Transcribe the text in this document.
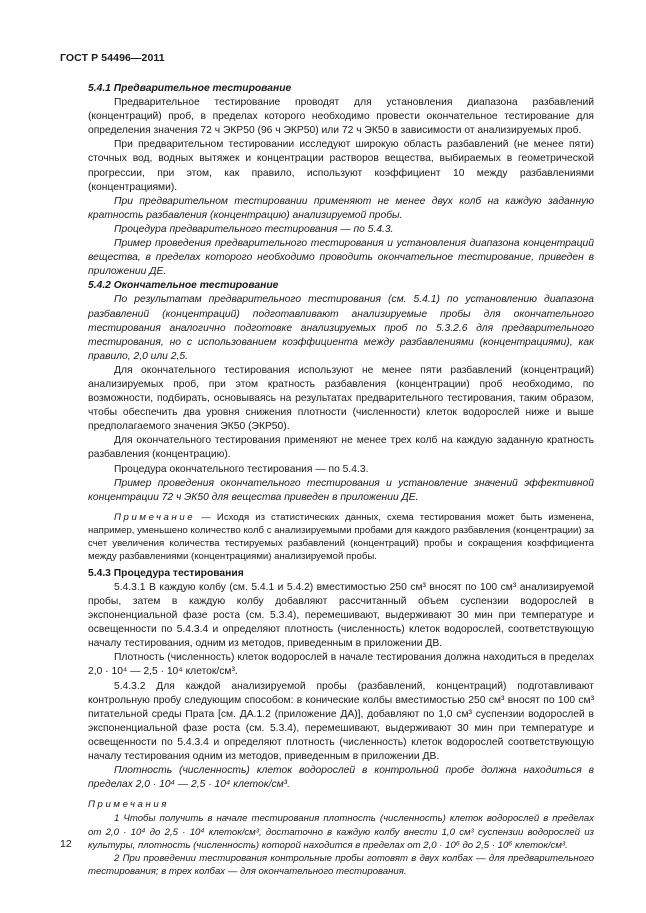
ГОСТ Р 54496—2011

5.4.1 Предварительное тестирование

Предварительное тестирование проводят для установления диапазона разбавлений (концентраций) проб, в пределах которого необходимо провести окончательное тестирование для определения значения 72 ч ЭКР50 (96 ч ЭКР50) или 72 ч ЭК50 в зависимости от анализируемых проб.

При предварительном тестировании исследуют широкую область разбавлений (не менее пяти) сточных вод, водных вытяжек и концентрации растворов вещества, выбираемых в геометрической прогрессии, при этом, как правило, используют коэффициент 10 между разбавлениями (концентрациями).

При предварительном тестировании применяют не менее двух колб на каждую заданную кратность разбавления (концентрацию) анализируемой пробы.

Процедура предварительного тестирования — по 5.4.3.

Пример проведения предварительного тестирования и установления диапазона концентраций вещества, в пределах которого необходимо проводить окончательное тестирование, приведен в приложении ДЕ.

5.4.2 Окончательное тестирование

По результатам предварительного тестирования (см. 5.4.1) по установлению диапазона разбавлений (концентраций) подготавливают анализируемые пробы для окончательного тестирования аналогично подготовке анализируемых проб по 5.3.2.6 для предварительного тестирования, но с использованием коэффициента между разбавлениями (концентрациями), как правило, 2,0 или 2,5.

Для окончательного тестирования используют не менее пяти разбавлений (концентраций) анализируемых проб, при этом кратность разбавления (концентрации) проб необходимо, по возможности, подбирать, основываясь на результатах предварительного тестирования, таким образом, чтобы обеспечить два уровня снижения плотности (численности) клеток водорослей ниже и выше предполагаемого значения ЭК50 (ЭКР50).

Для окончательного тестирования применяют не менее трех колб на каждую заданную кратность разбавления (концентрацию).

Процедура окончательного тестирования — по 5.4.3.

Пример проведения окончательного тестирования и установление значений эффективной концентрации 72 ч ЭК50 для вещества приведен в приложении ДЕ.

Примечание — Исходя из статистических данных, схема тестирования может быть изменена, например, уменьшено количество колб с анализируемыми пробами для каждого разбавления (концентрации) за счет увеличения количества тестируемых разбавлений (концентраций) пробы и сокращения коэффициента между разбавлениями (концентрациями) анализируемой пробы.

5.4.3 Процедура тестирования

5.4.3.1 В каждую колбу (см. 5.4.1 и 5.4.2) вместимостью 250 см³ вносят по 100 см³ анализируемой пробы, затем в каждую колбу добавляют рассчитанный объем суспензии водорослей в экспоненциальной фазе роста (см. 5.3.4), перемешивают, выдерживают 30 мин при температуре и освещенности по 5.4.3.4 и определяют плотность (численность) клеток водорослей, соответствующую началу тестирования, одним из методов, приведенным в приложении ДВ.

Плотность (численность) клеток водорослей в начале тестирования должна находиться в пределах 2,0 · 10⁴ — 2,5 · 10⁴ клеток/см³.

5.4.3.2 Для каждой анализируемой пробы (разбавлений, концентраций) подготавливают контрольную пробу следующим способом: в конические колбы вместимостью 250 см³ вносят по 100 см³ питательной среды Прата [см. ДА.1.2 (приложение ДА)], добавляют по 1,0 см³ суспензии водорослей в экспоненциальной фазе роста (см. 5.3.4), перемешивают, выдерживают 30 мин при температуре и освещенности по 5.4.3.4 и определяют плотность (численность) клеток водорослей соответствующую началу тестирования одним из методов, приведенным в приложении ДВ.

Плотность (численность) клеток водорослей в контрольной пробе должна находиться в пределах 2,0 · 10⁴ — 2,5 · 10⁴ клеток/см³.

Примечания

1 Чтобы получить в начале тестирования плотность (численность) клеток водорослей в пределах от 2,0 · 10⁴ до 2,5 · 10⁴ клеток/см³, достаточно в каждую колбу внести 1,0 см³ суспензии водорослей из культуры, плотность (численность) которой находится в пределах от 2,0 · 10⁶ до 2,5 · 10⁶ клеток/см³.

2 При проведении тестирования контрольные пробы готовят в двух колбах — для предварительного тестирования; в трех колбах — для окончательного тестирования.

12
